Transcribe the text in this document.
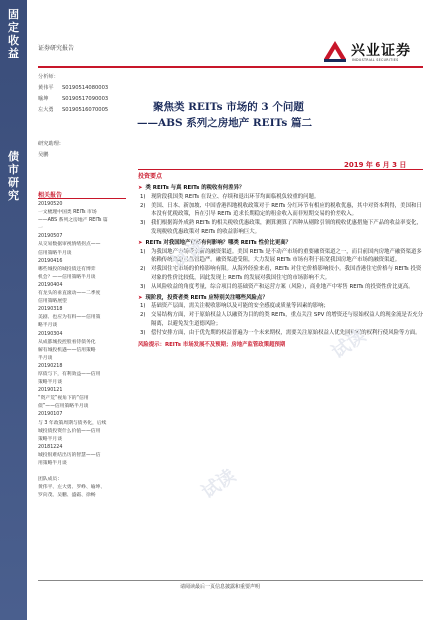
固定收益
债市研究
证券研究报告	兴业证券
INDUSTRIAL SECURITIES
分析师：
黄伟平 S0190514080003
喻坤	S0190517090003
左大勇 S0190516070005
研究助理：
吴鹏
聚焦类 REITs 市场的 3 个问题
——ABS 系列之房地产 REITs 篇二
2019 年 6 月 3 日
投资要点
相关报告
20190520
一文梳理中国类 REITs 市场
——ABS 系列之房地产 REITs 篇
一
20190507
从交易数据审视情绪拐点——
信用策略半月谈
20190416
哪些城投的城投债还有博弈
机会？——信用策略半月谈
20190404
有龙头的垂直滚动——二季度
信用策略展望
20190318
美剧、也应为有料——信用策
略半月谈
20190304
从成都城投控股看待债务化
解有城投机遇——信用策略
半月谈
20190218
厚债与下，有利效益——信用
策略半月谈
20190121
“资产荒”视角下的“信用
债”——信用策略半月谈
20190107
与 3 年政策周期与债务化，后续
城投债投资什么价值——信用
策略半月谈
20181224
城投很难结出历的智慧——信
用策略半月谈
团队成员：
黄伟平、左大勇、罗峥、喻坤、
罗向茂、吴鹏、盛霜、徐畅
➤ 类 REITs 与真 REITs 的税收有何差异？
1) 现阶段我国类 REITs 在设立、存续和退出环节均面临税负较重的问题。
2) 美国、日本、新加坡、中国香港四地税收政策对于 REITs 分红环节有相应的税收优惠，其中对资本利得，美国和日本没有优税政策，旨在引导 REITs 追求长期稳定的租金收入而非短期交易的价差收入。
3) 我们根据海外成熟 REITs 的相关税收优惠政策，测算测算了四种从剔除引领的税收优惠措施下产品的收益率变化，发现税收优惠政策对 REITs 的收益影响巨大。
➤ REITs 对我国地产市场有何影响？哪类 REITs 性价比更高？
1) 为我国地产市场带来新的融资渠道。美国 REITs 是不动产市场的重要融资渠道之一，而目前国内房地产融资渠道多依赖传统渠道且监管趋严。融资渠道受阻，大力发展 REITs 市场有利于拓宽我国房地产市场的融资渠道。
2) 对我国住宅市场的价格影响有限。从海外经验来看，REITs 对住宅价格影响较小。我国香港住宅价格与 REITs 投资对象的性价比较低，因此发现上 REITs 的发展对我国住宅的市场影响不大。
3) 从风险收益的角度考量，综合项目的基础资产和运营方案（风险），商业地产中零售 REITs 的投资性价比更高。
➤ 现阶段，投资者类 REITs 应特别关注哪些风险点？
1) 基础资产层面，需关注税收影响以及可能的安全感度或质量等因素的影响；
2) 交易结构方面，对于原始权益人以融资为目的的类 REITs，重点关注 SPV 的增资还与原始权益人的现金流是否充分隔离，以避免发生道德风险；
3) 偿付安排方面，由于优先期的权益普遍为一个未来期权，需要关注原始权益人优先回购权的权利行使风险等方面。
风险提示：REITs 市场发展不及预期；房地产监管政策超预期
请阅读最后一页信息披露和重要声明
试读
试读
试读
